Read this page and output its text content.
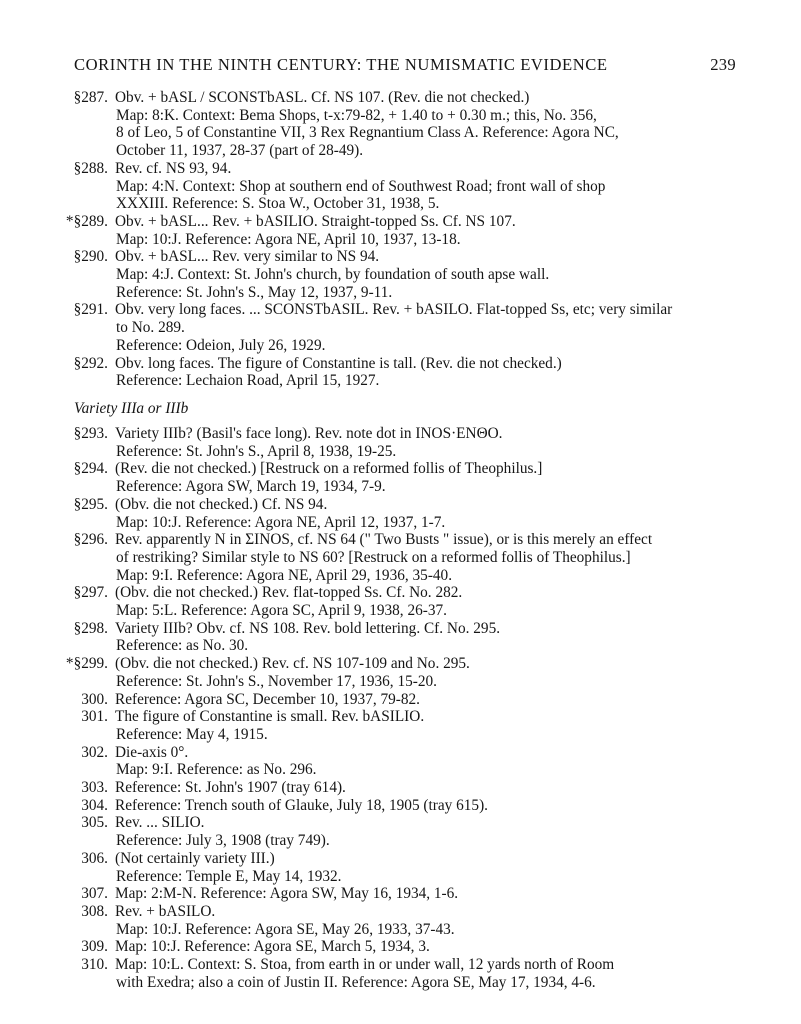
CORINTH IN THE NINTH CENTURY: THE NUMISMATIC EVIDENCE	239
§287. Obv. + bASL / SCONSTbASL. Cf. NS 107. (Rev. die not checked.)
Map: 8:K. Context: Bema Shops, t-x:79-82, + 1.40 to + 0.30 m.; this, No. 356,
8 of Leo, 5 of Constantine VII, 3 Rex Regnantium Class A. Reference: Agora NC,
October 11, 1937, 28-37 (part of 28-49).
§288. Rev. cf. NS 93, 94.
Map: 4:N. Context: Shop at southern end of Southwest Road; front wall of shop
XXXIII. Reference: S. Stoa W., October 31, 1938, 5.
*§289. Obv. + bASL... Rev. + bASILIO. Straight-topped Ss. Cf. NS 107.
Map: 10:J. Reference: Agora NE, April 10, 1937, 13-18.
§290. Obv. + bASL... Rev. very similar to NS 94.
Map: 4:J. Context: St. John's church, by foundation of south apse wall.
Reference: St. John's S., May 12, 1937, 9-11.
§291. Obv. very long faces. ... SCONSTbASIL. Rev. + bASILO. Flat-topped Ss, etc; very similar
to No. 289.
Reference: Odeion, July 26, 1929.
§292. Obv. long faces. The figure of Constantine is tall. (Rev. die not checked.)
Reference: Lechaion Road, April 15, 1927.
Variety IIIa or IIIb
§293. Variety IIIb? (Basil's face long). Rev. note dot in INOS·ENΘO.
Reference: St. John's S., April 8, 1938, 19-25.
§294. (Rev. die not checked.) [Restruck on a reformed follis of Theophilus.]
Reference: Agora SW, March 19, 1934, 7-9.
§295. (Obv. die not checked.) Cf. NS 94.
Map: 10:J. Reference: Agora NE, April 12, 1937, 1-7.
§296. Rev. apparently N in ΣINOS, cf. NS 64 (" Two Busts " issue), or is this merely an effect
of restriking? Similar style to NS 60? [Restruck on a reformed follis of Theophilus.]
Map: 9:I. Reference: Agora NE, April 29, 1936, 35-40.
§297. (Obv. die not checked.) Rev. flat-topped Ss. Cf. No. 282.
Map: 5:L. Reference: Agora SC, April 9, 1938, 26-37.
§298. Variety IIIb? Obv. cf. NS 108. Rev. bold lettering. Cf. No. 295.
Reference: as No. 30.
*§299. (Obv. die not checked.) Rev. cf. NS 107-109 and No. 295.
Reference: St. John's S., November 17, 1936, 15-20.
300. Reference: Agora SC, December 10, 1937, 79-82.
301. The figure of Constantine is small. Rev. bASILIO.
Reference: May 4, 1915.
302. Die-axis 0°.
Map: 9:I. Reference: as No. 296.
303. Reference: St. John's 1907 (tray 614).
304. Reference: Trench south of Glauke, July 18, 1905 (tray 615).
305. Rev. ... SILIO.
Reference: July 3, 1908 (tray 749).
306. (Not certainly variety III.)
Reference: Temple E, May 14, 1932.
307. Map: 2:M-N. Reference: Agora SW, May 16, 1934, 1-6.
308. Rev. + bASILO.
Map: 10:J. Reference: Agora SE, May 26, 1933, 37-43.
309. Map: 10:J. Reference: Agora SE, March 5, 1934, 3.
310. Map: 10:L. Context: S. Stoa, from earth in or under wall, 12 yards north of Room
with Exedra; also a coin of Justin II. Reference: Agora SE, May 17, 1934, 4-6.
